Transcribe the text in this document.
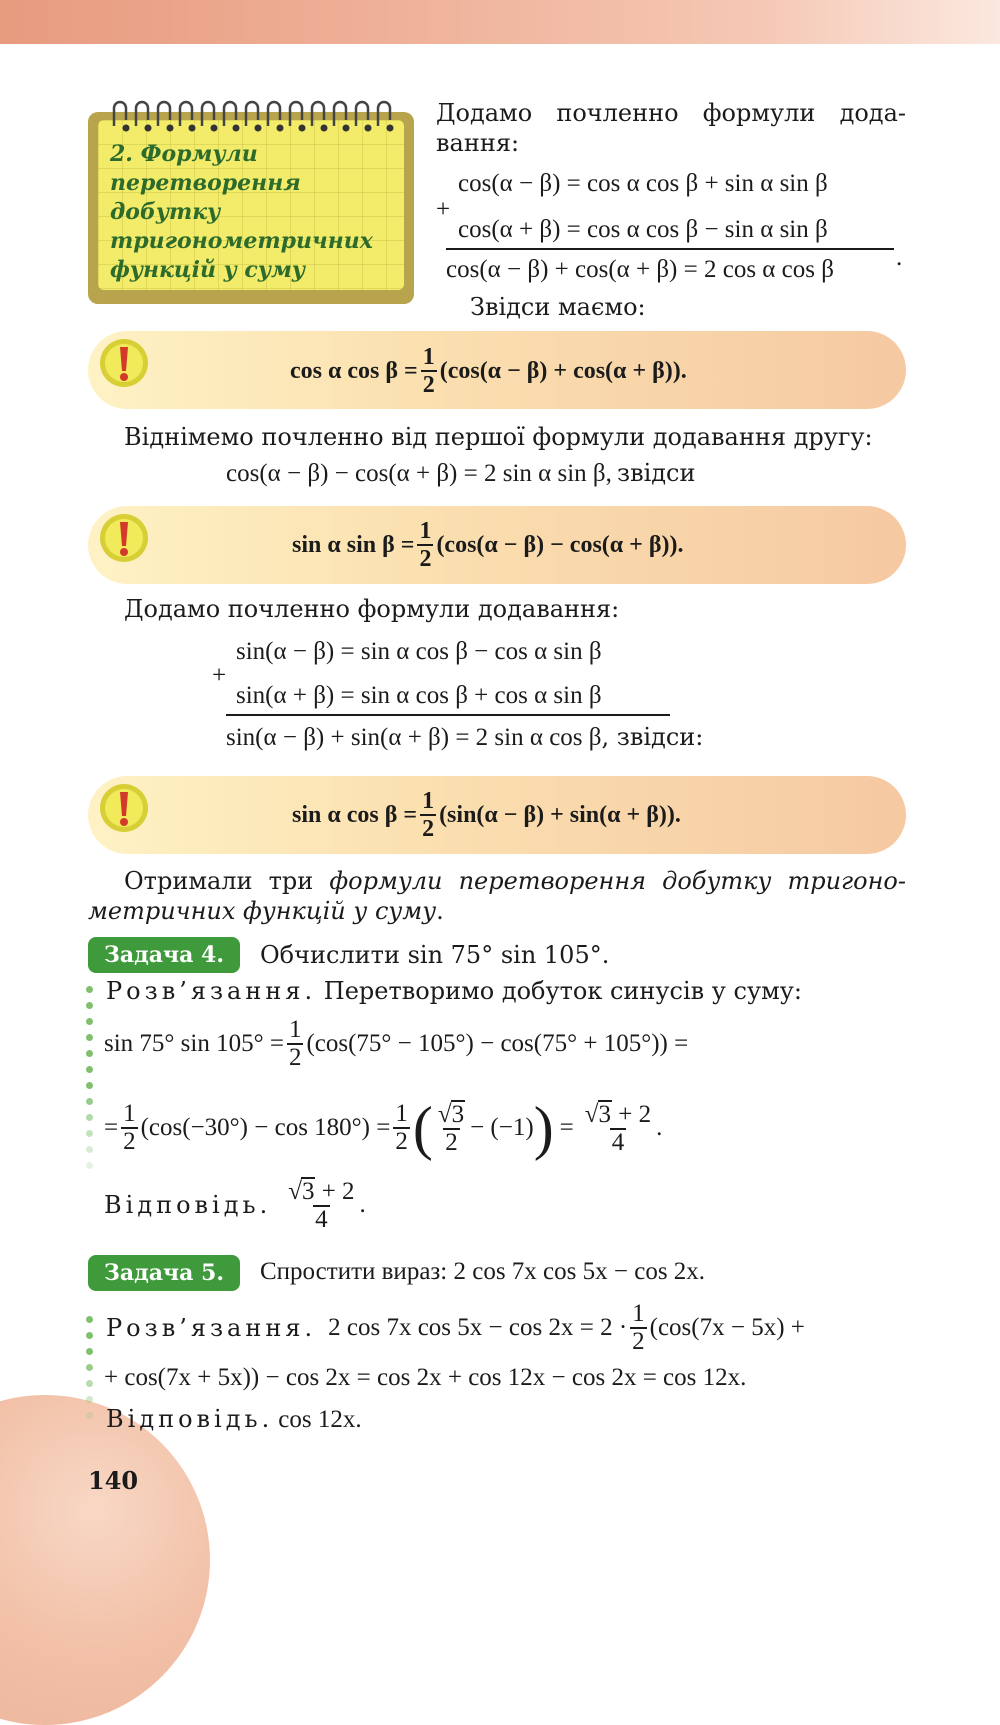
2. Формули
перетворення
добутку
тригонометричних
функцій у суму
Додамо почленно формули дода-
вання:
cos(α − β) = cos α cos β + sin α sin β
+
cos(α + β) = cos α cos β − sin α sin β
cos(α − β) + cos(α + β) = 2 cos α cos β .
Звідси маємо:
cos α $\cos \beta = \frac{1}{2} (\cos(\alpha - \beta) + \cos(\alpha + \beta))$.
Віднімемо почленно від першої формули додавання другу:
cos(α − β) − cos(α + β) = 2 sin α sin β, звідси
sin α $\sin \beta = \frac{1}{2} (\cos(\alpha - \beta) - \cos(\alpha + \beta))$.
Додамо почленно формули додавання:
sin(α − β) = sin α cos β − cos α sin β
+
sin(α + β) = sin α cos β + cos α sin β
sin(α − β) + sin(α + β) = 2 sin α cos β, звідси:
sin α $\cos \beta = \frac{1}{2} (\sin(\alpha - \beta) + \sin(\alpha + \beta))$.
Отримали три формули перетворення добутку тригоно-
метричних функцій у суму.
Задача 4.	Обчислити sin 75° sin 105°.
Розв’язання. Перетворимо добуток синусів у суму:
sin 75° $\sin 105^\circ = \frac{1}{2} (\cos(75^\circ - 105^\circ) - \cos(75^\circ + 105^\circ))$ =
= $\frac{1}{2} (\cos(-30^\circ) - \cos 180^\circ) = \frac{1}{2}$ ( $\frac{√3}{2} - (-1)$ ) = $\frac{√3 + 2}{4}$ .
Відповідь. $\frac{√3 + 2}{4}$ .
Задача 5.	Спростити вираз: 2 cos 7x cos 5x − cos 2x.
Розв’язання. 2 cos 7x $\cos 5x - \cos 2x = 2 \cdot \frac{1}{2} (\cos(7x - 5x)$ +
+ cos(7x + 5x)) − cos 2x = cos 2x + cos 12x − cos 2x = cos 12x.
Відповідь. cos 12x.
140
